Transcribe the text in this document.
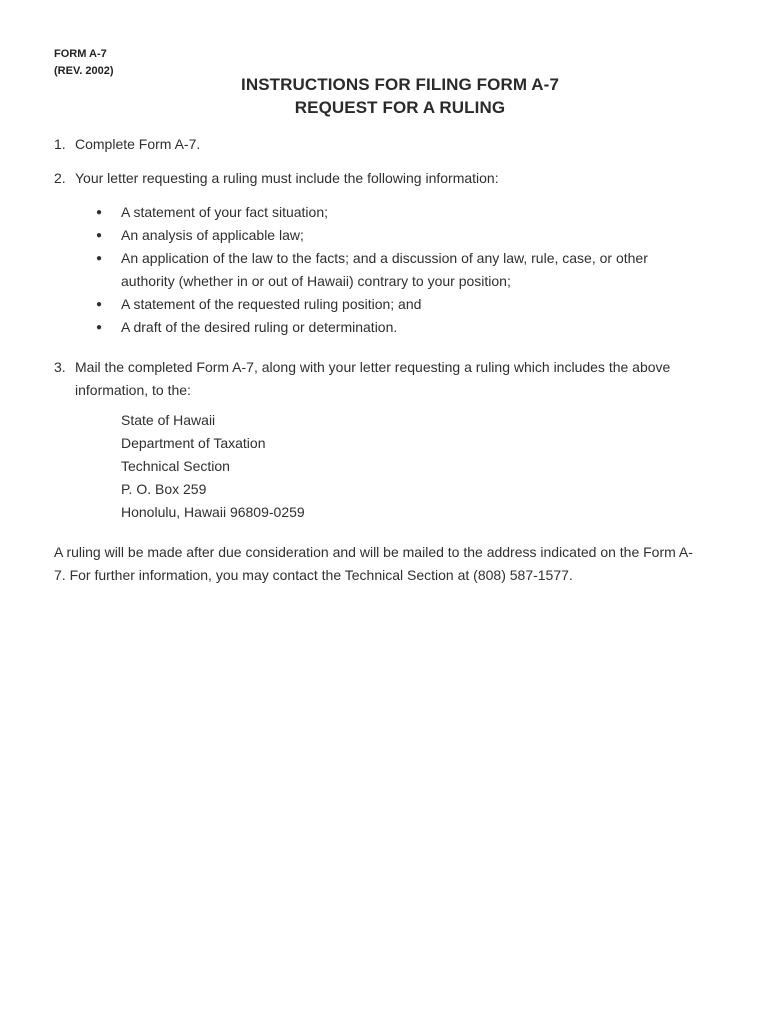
FORM A-7
(REV. 2002)
INSTRUCTIONS FOR FILING FORM A-7
REQUEST FOR A RULING
1. Complete Form A-7.
2. Your letter requesting a ruling must include the following information:
● A statement of your fact situation;
● An analysis of applicable law;
● An application of the law to the facts; and a discussion of any law, rule, case, or other authority (whether in or out of Hawaii) contrary to your position;
● A statement of the requested ruling position; and
● A draft of the desired ruling or determination.
3. Mail the completed Form A-7, along with your letter requesting a ruling which includes the above information, to the:
State of Hawaii
Department of Taxation
Technical Section
P. O. Box 259
Honolulu, Hawaii 96809-0259
A ruling will be made after due consideration and will be mailed to the address indicated on the Form A-7. For further information, you may contact the Technical Section at (808) 587-1577.
